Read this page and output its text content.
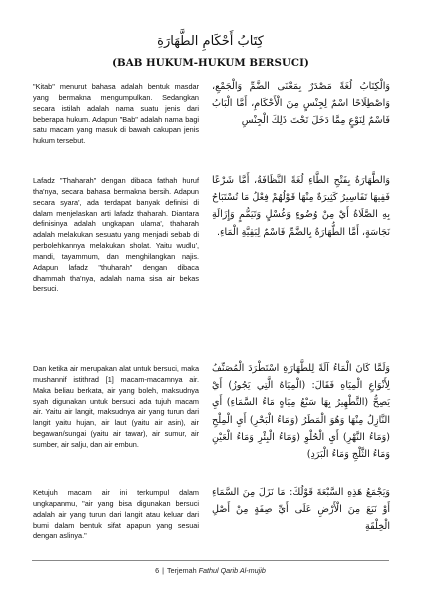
كِتَابُ أَحْكَامِ الطَّهَارَةِ
(BAB HUKUM-HUKUM BERSUCI)

"Kitab" menurut bahasa adalah bentuk masdar yang bermakna mengumpulkan. Sedangkan secara istilah adalah nama suatu jenis dari beberapa hukum. Adapun "Bab" adalah nama bagi satu macam yang masuk di bawah cakupan jenis hukum tersebut.

وَالْكِتَابُ لُغَةً مَصْدَرٌ بِمَعْنَى الضَّمِّ وَالْجَمْعِ، وَاصْطِلَاحًا اسْمٌ لِجِنْسٍ مِنَ الْأَحْكَامِ، أَمَّا الْبَابُ فَاسْمٌ لِنَوْعٍ مِمَّا دَخَلَ تَحْتَ ذَلِكَ الْجِنْسِ

Lafadz "Thaharah" dengan dibaca fathah huruf tha'nya, secara bahasa bermakna bersih. Adapun secara syara', ada terdapat banyak definisi di dalam menjelaskan arti lafadz thaharah. Diantara definisinya adalah ungkapan ulama', thaharah adalah melakukan sesuatu yang menjadi sebab di perbolehkannya melakukan sholat. Yaitu wudlu', mandi, tayammum, dan menghilangkan najis. Adapun lafadz "thuharah" dengan dibaca dhammah tha'nya, adalah nama sisa air bekas bersuci.

وَالطَّهَارَةُ بِفَتْحِ الطَّاءِ لُغَةً النَّظَافَةُ، أَمَّا شَرْعًا فَفِيهَا تَفَاسِيرُ كَثِيرَةٌ مِنْهَا قَوْلُهُمْ فِعْلُ مَا تُسْتَبَاحُ بِهِ الصَّلَاةُ أَيْ مِنْ وُضُوءٍ وَغُسْلٍ وَتَيَمُّمٍ وَإِزَالَةِ نَجَاسَةٍ، أَمَّا الطُّهَارَةُ بِالضَّمِّ فَاسْمٌ لِبَقِيَّةِ الْمَاءِ.

Dan ketika air merupakan alat untuk bersuci, maka mushannif istithrad [1] macam-macamnya air. Maka beliau berkata, air yang boleh, maksudnya syah digunakan untuk bersuci ada tujuh macam air. Yaitu air langit, maksudnya air yang turun dari langit yaitu hujan, air laut (yaitu air asin), air begawan/sungai (yaitu air tawar), air sumur, air sumber, air salju, dan air embun.

وَلَمَّا كَانَ الْمَاءُ آلَةً لِلطَّهَارَةِ اسْتَطْرَدَ الْمُصَنِّفُ لِأَنْوَاعِ الْمِيَاهِ فَقَالَ: (الْمِيَاهُ الَّتِي يَجُوزُ) أَيْ يَصِحُّ (التَّطْهِيرُ بِهَا سَبْعُ مِيَاهٍ مَاءُ السَّمَاءِ) أَيِ النَّازِلُ مِنْهَا وَهُوَ الْمَطَرُ (وَمَاءُ الْبَحْرِ) أَيِ الْمِلْحِ (وَمَاءُ النَّهْرِ) أَيِ الْحُلْوِ (وَمَاءُ الْبِئْرِ وَمَاءُ الْعَيْنِ وَمَاءُ الثَّلْجِ وَمَاءُ الْبَرَدِ)

Ketujuh macam air ini terkumpul dalam ungkapanmu, "air yang bisa digunakan bersuci adalah air yang turun dari langit atau keluar dari bumi dalam bentuk sifat apapun yang sesuai dengan aslinya."

وَيَجْمَعُ هَذِهِ السَّبْعَةَ قَوْلُكَ: مَا نَزَلَ مِنَ السَّمَاءِ أَوْ نَبَعَ مِنَ الْأَرْضِ عَلَى أَيِّ صِفَةٍ مِنْ أَصْلِ الْخِلْقَةِ

6 | Terjemah Fathul Qarib Al-mujib
